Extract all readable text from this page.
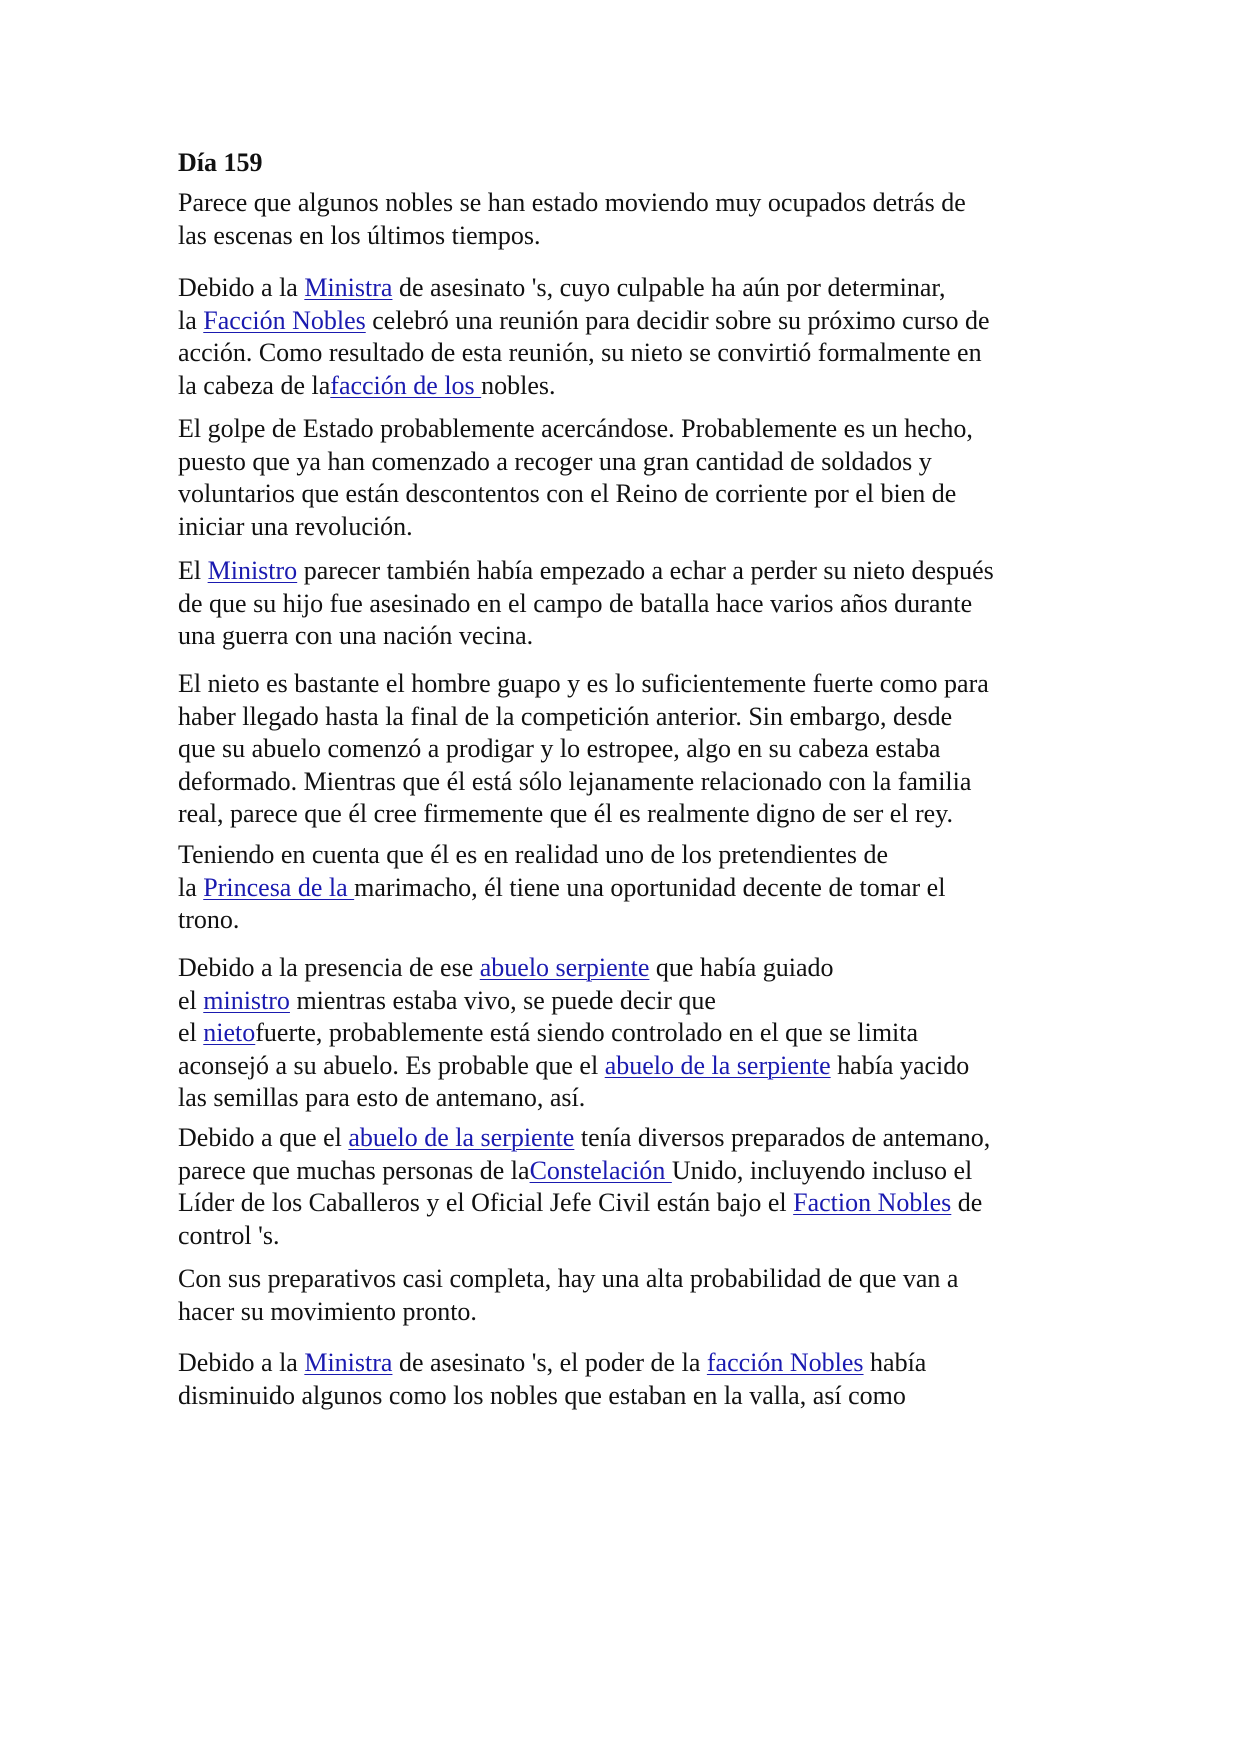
Día 159

Parece que algunos nobles se han estado moviendo muy ocupados detrás de
las escenas en los últimos tiempos.

Debido a la Ministra de asesinato 's, cuyo culpable ha aún por determinar,
la Facción Nobles celebró una reunión para decidir sobre su próximo curso de
acción. Como resultado de esta reunión, su nieto se convirtió formalmente en
la cabeza de lafacción de los nobles.

El golpe de Estado probablemente acercándose. Probablemente es un hecho,
puesto que ya han comenzado a recoger una gran cantidad de soldados y
voluntarios que están descontentos con el Reino de corriente por el bien de
iniciar una revolución.

El Ministro parecer también había empezado a echar a perder su nieto después
de que su hijo fue asesinado en el campo de batalla hace varios años durante
una guerra con una nación vecina.

El nieto es bastante el hombre guapo y es lo suficientemente fuerte como para
haber llegado hasta la final de la competición anterior. Sin embargo, desde
que su abuelo comenzó a prodigar y lo estropee, algo en su cabeza estaba
deformado. Mientras que él está sólo lejanamente relacionado con la familia
real, parece que él cree firmemente que él es realmente digno de ser el rey.

Teniendo en cuenta que él es en realidad uno de los pretendientes de
la Princesa de la marimacho, él tiene una oportunidad decente de tomar el
trono.

Debido a la presencia de ese abuelo serpiente que había guiado
el ministro mientras estaba vivo, se puede decir que
el nietofuerte, probablemente está siendo controlado en el que se limita
aconsejó a su abuelo. Es probable que el abuelo de la serpiente había yacido
las semillas para esto de antemano, así.

Debido a que el abuelo de la serpiente tenía diversos preparados de antemano,
parece que muchas personas de laConstelación Unido, incluyendo incluso el
Líder de los Caballeros y el Oficial Jefe Civil están bajo el Faction Nobles de
control 's.

Con sus preparativos casi completa, hay una alta probabilidad de que van a
hacer su movimiento pronto.

Debido a la Ministra de asesinato 's, el poder de la facción Nobles había
disminuido algunos como los nobles que estaban en la valla, así como
